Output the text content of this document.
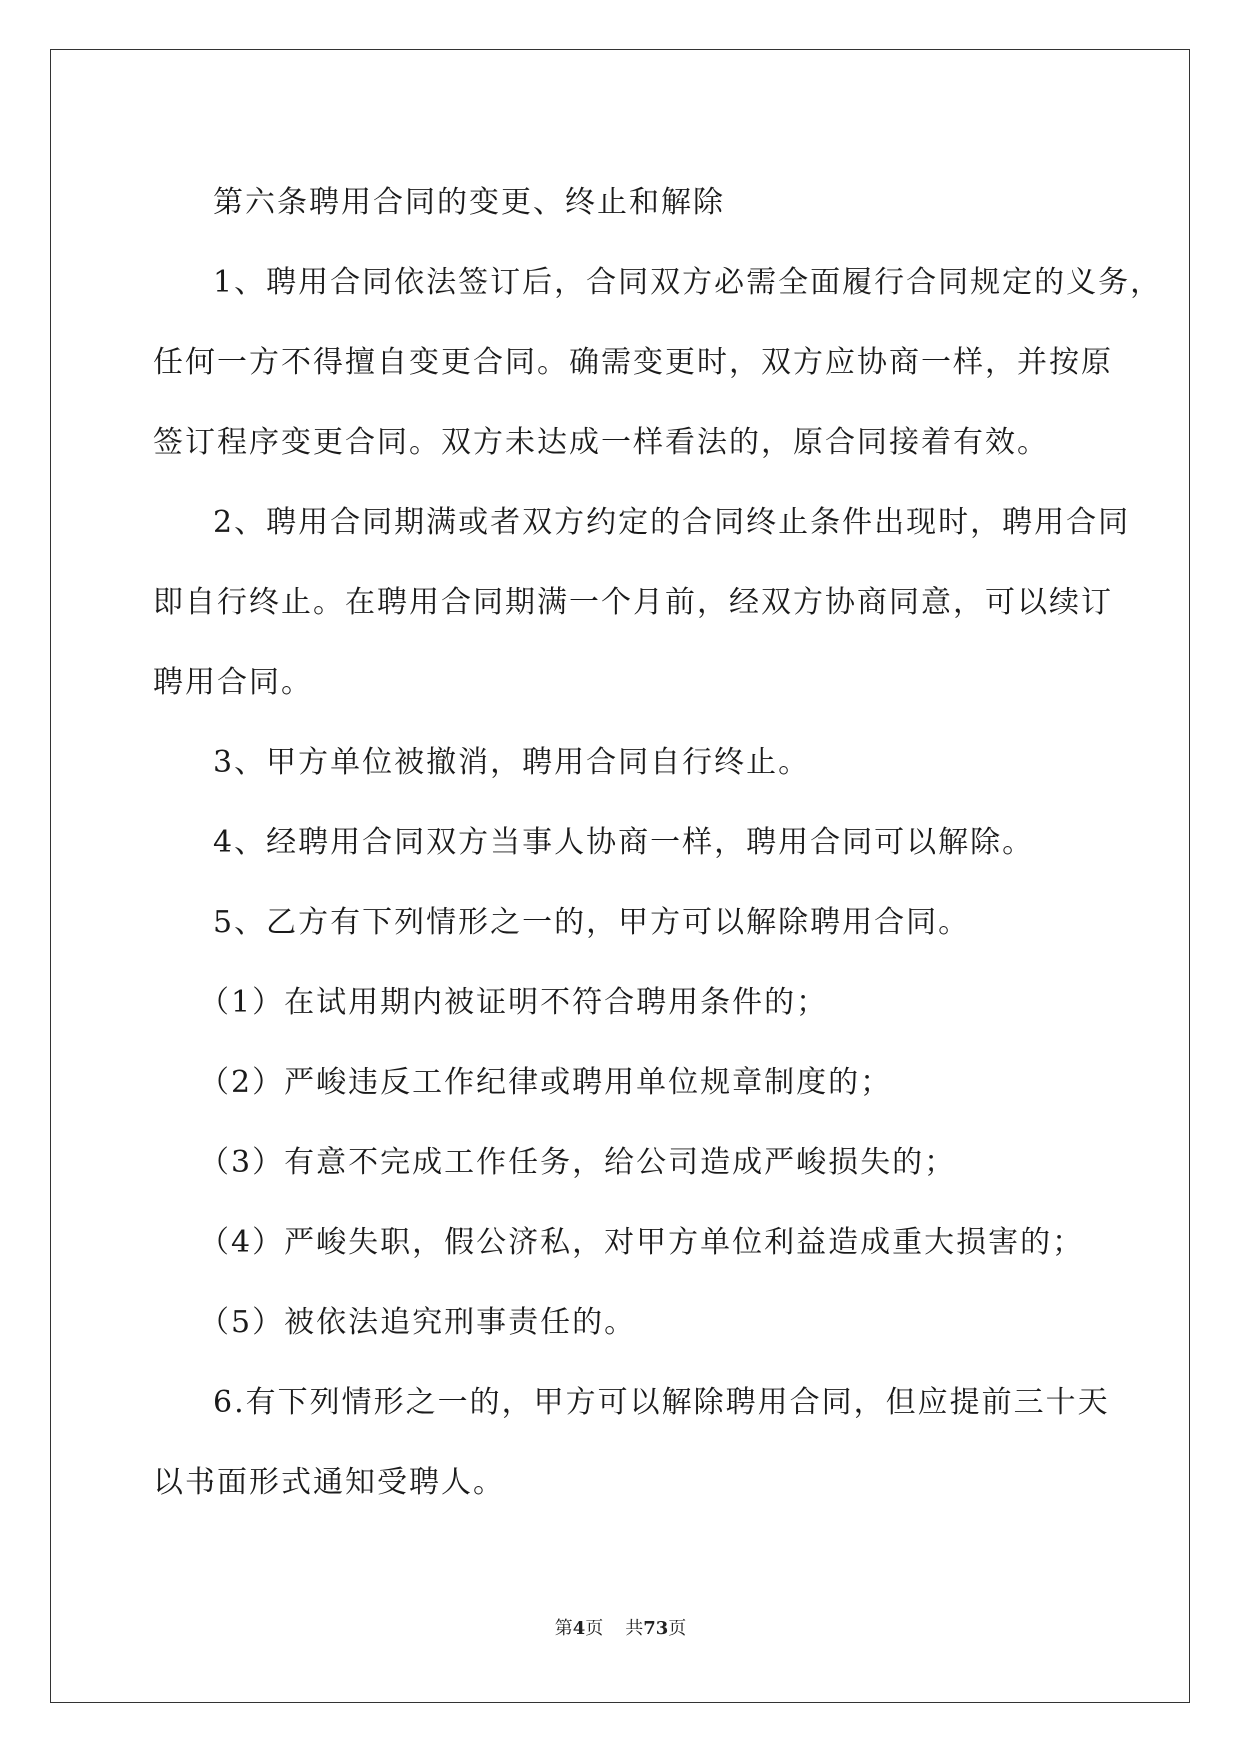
第六条聘用合同的变更、终止和解除
1、聘用合同依法签订后，合同双方必需全面履行合同规定的义务，
任何一方不得擅自变更合同。确需变更时，双方应协商一样，并按原
签订程序变更合同。双方未达成一样看法的，原合同接着有效。
2、聘用合同期满或者双方约定的合同终止条件出现时，聘用合同
即自行终止。在聘用合同期满一个月前，经双方协商同意，可以续订
聘用合同。
3、甲方单位被撤消，聘用合同自行终止。
4、经聘用合同双方当事人协商一样，聘用合同可以解除。
5、乙方有下列情形之一的，甲方可以解除聘用合同。
（1）在试用期内被证明不符合聘用条件的；
（2）严峻违反工作纪律或聘用单位规章制度的；
（3）有意不完成工作任务，给公司造成严峻损失的；
（4）严峻失职，假公济私，对甲方单位利益造成重大损害的；
（5）被依法追究刑事责任的。
6.有下列情形之一的，甲方可以解除聘用合同，但应提前三十天
以书面形式通知受聘人。
第4页 共73页
